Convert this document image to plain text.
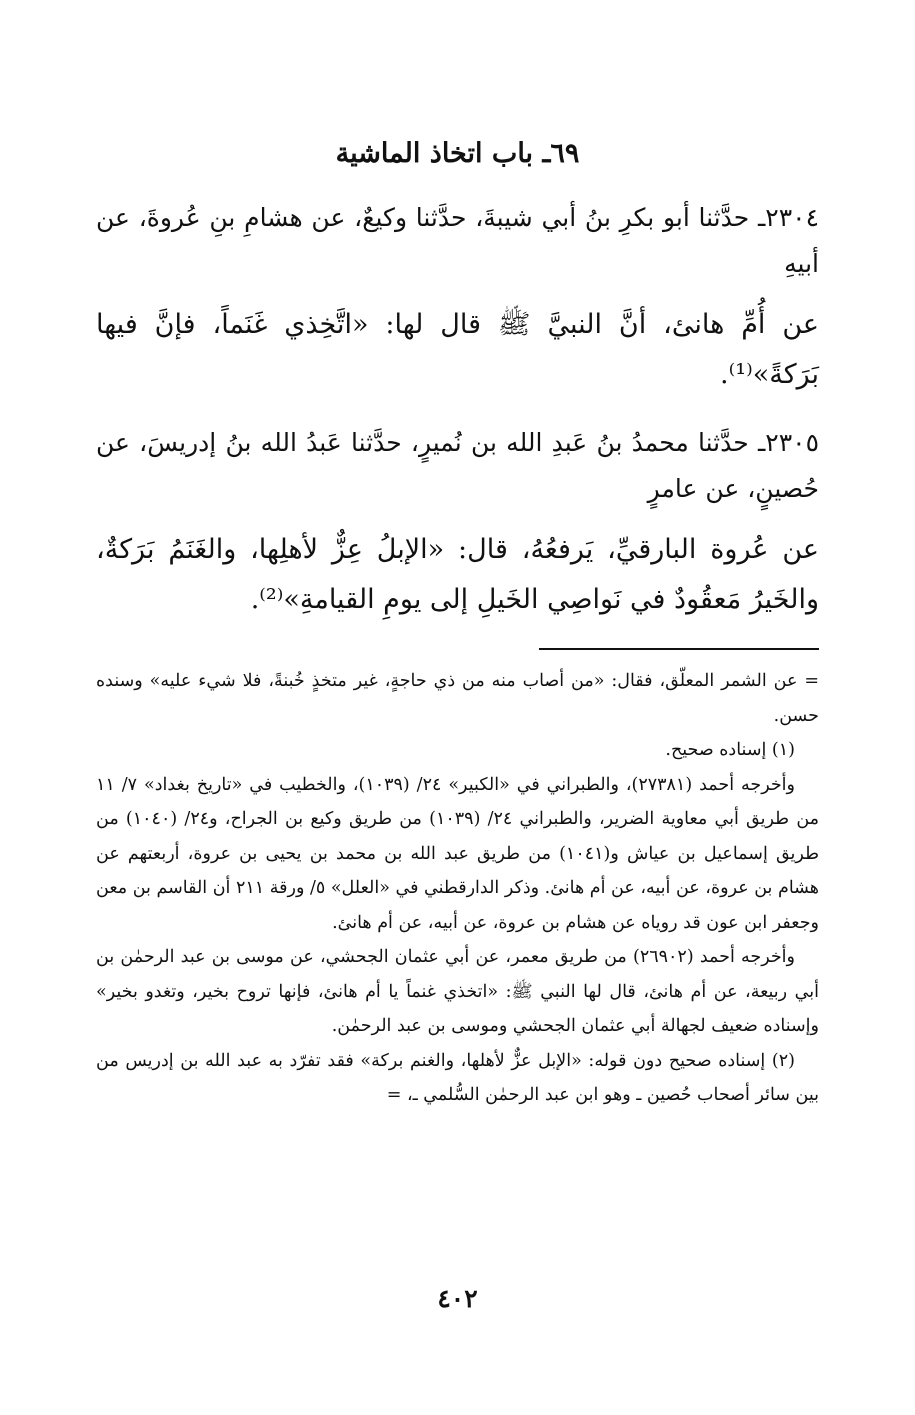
٦٩ـ باب اتخاذ الماشية

٢٣٠٤ـ حدَّثنا أبو بكرِ بنُ أبي شيبةَ، حدَّثنا وكيعٌ، عن هشامِ بنِ عُروةَ، عن أبيهِ

عن أُمِّ هانئ، أنَّ النبيَّ ﷺ قال لها: «اتَّخِذي غَنَماً، فإنَّ فيها بَرَكةً»⁽¹⁾.

٢٣٠٥ـ حدَّثنا محمدُ بنُ عَبدِ الله بن نُميرٍ، حدَّثنا عَبدُ الله بنُ إدريسَ، عن حُصينٍ، عن عامرٍ

عن عُروة البارقيِّ، يَرفعُهُ، قال: «الإبلُ عِزٌّ لأهلِها، والغَنَمُ بَرَكةٌ، والخَيرُ مَعقُودٌ في نَواصِي الخَيلِ إلى يومِ القيامةِ»⁽²⁾.

= عن الشمر المعلّق، فقال: «من أصاب منه من ذي حاجةٍ، غير متخذٍ خُبنةً، فلا شيء عليه» وسنده حسن.

(١) إسناده صحيح.

وأخرجه أحمد (٢٧٣٨١)، والطبراني في «الكبير» ٢٤/ (١٠٣٩)، والخطيب في «تاريخ بغداد» ٧/ ١١ من طريق أبي معاوية الضرير، والطبراني ٢٤/ (١٠٣٩) من طريق وكيع بن الجراح، و٢٤/ (١٠٤٠) من طريق إسماعيل بن عياش و(١٠٤١) من طريق عبد الله بن محمد بن يحيى بن عروة، أربعتهم عن هشام بن عروة، عن أبيه، عن أم هانئ. وذكر الدارقطني في «العلل» ٥/ ورقة ٢١١ أن القاسم بن معن وجعفر ابن عون قد روياه عن هشام بن عروة، عن أبيه، عن أم هانئ.

وأخرجه أحمد (٢٦٩٠٢) من طريق معمر، عن أبي عثمان الجحشي، عن موسى بن عبد الرحمٰن بن أبي ربيعة، عن أم هانئ، قال لها النبي ﷺ: «اتخذي غنماً يا أم هانئ، فإنها تروح بخير، وتغدو بخير» وإسناده ضعيف لجهالة أبي عثمان الجحشي وموسى بن عبد الرحمٰن.

(٢) إسناده صحيح دون قوله: «الإبل عزٌّ لأهلها، والغنم بركة» فقد تفرّد به عبد الله بن إدريس من بين سائر أصحاب حُصين ـ وهو ابن عبد الرحمٰن السُّلمي ـ، =

٤٠٢
